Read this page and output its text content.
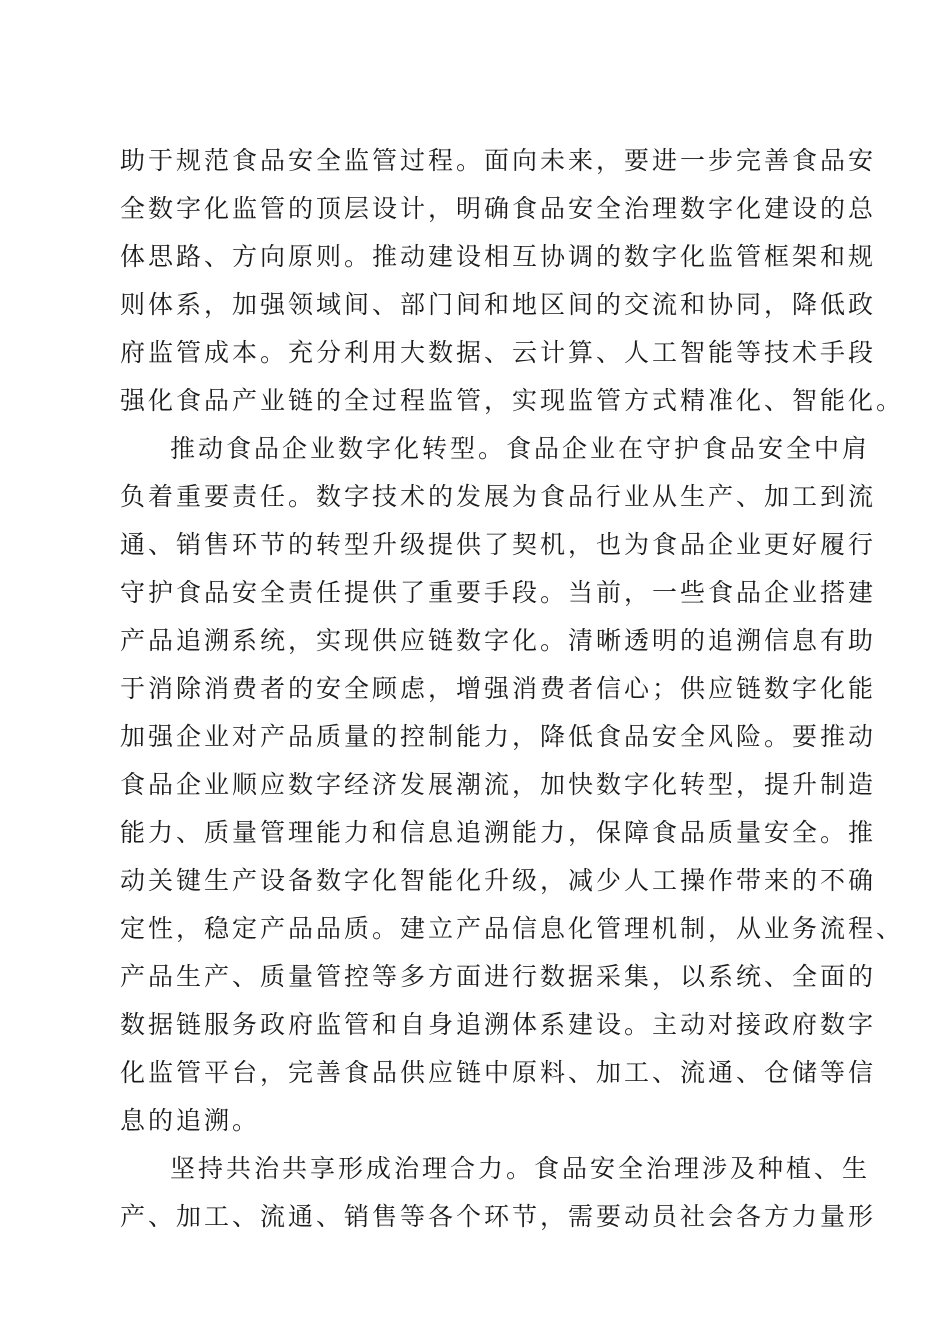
助于规范食品安全监管过程。面向未来，要进一步完善食品安
全数字化监管的顶层设计，明确食品安全治理数字化建设的总
体思路、方向原则。推动建设相互协调的数字化监管框架和规
则体系，加强领域间、部门间和地区间的交流和协同，降低政
府监管成本。充分利用大数据、云计算、人工智能等技术手段
强化食品产业链的全过程监管，实现监管方式精准化、智能化。
推动食品企业数字化转型。食品企业在守护食品安全中肩
负着重要责任。数字技术的发展为食品行业从生产、加工到流
通、销售环节的转型升级提供了契机，也为食品企业更好履行
守护食品安全责任提供了重要手段。当前，一些食品企业搭建
产品追溯系统，实现供应链数字化。清晰透明的追溯信息有助
于消除消费者的安全顾虑，增强消费者信心；供应链数字化能
加强企业对产品质量的控制能力，降低食品安全风险。要推动
食品企业顺应数字经济发展潮流，加快数字化转型，提升制造
能力、质量管理能力和信息追溯能力，保障食品质量安全。推
动关键生产设备数字化智能化升级，减少人工操作带来的不确
定性，稳定产品品质。建立产品信息化管理机制，从业务流程、
产品生产、质量管控等多方面进行数据采集，以系统、全面的
数据链服务政府监管和自身追溯体系建设。主动对接政府数字
化监管平台，完善食品供应链中原料、加工、流通、仓储等信
息的追溯。
坚持共治共享形成治理合力。食品安全治理涉及种植、生
产、加工、流通、销售等各个环节，需要动员社会各方力量形
